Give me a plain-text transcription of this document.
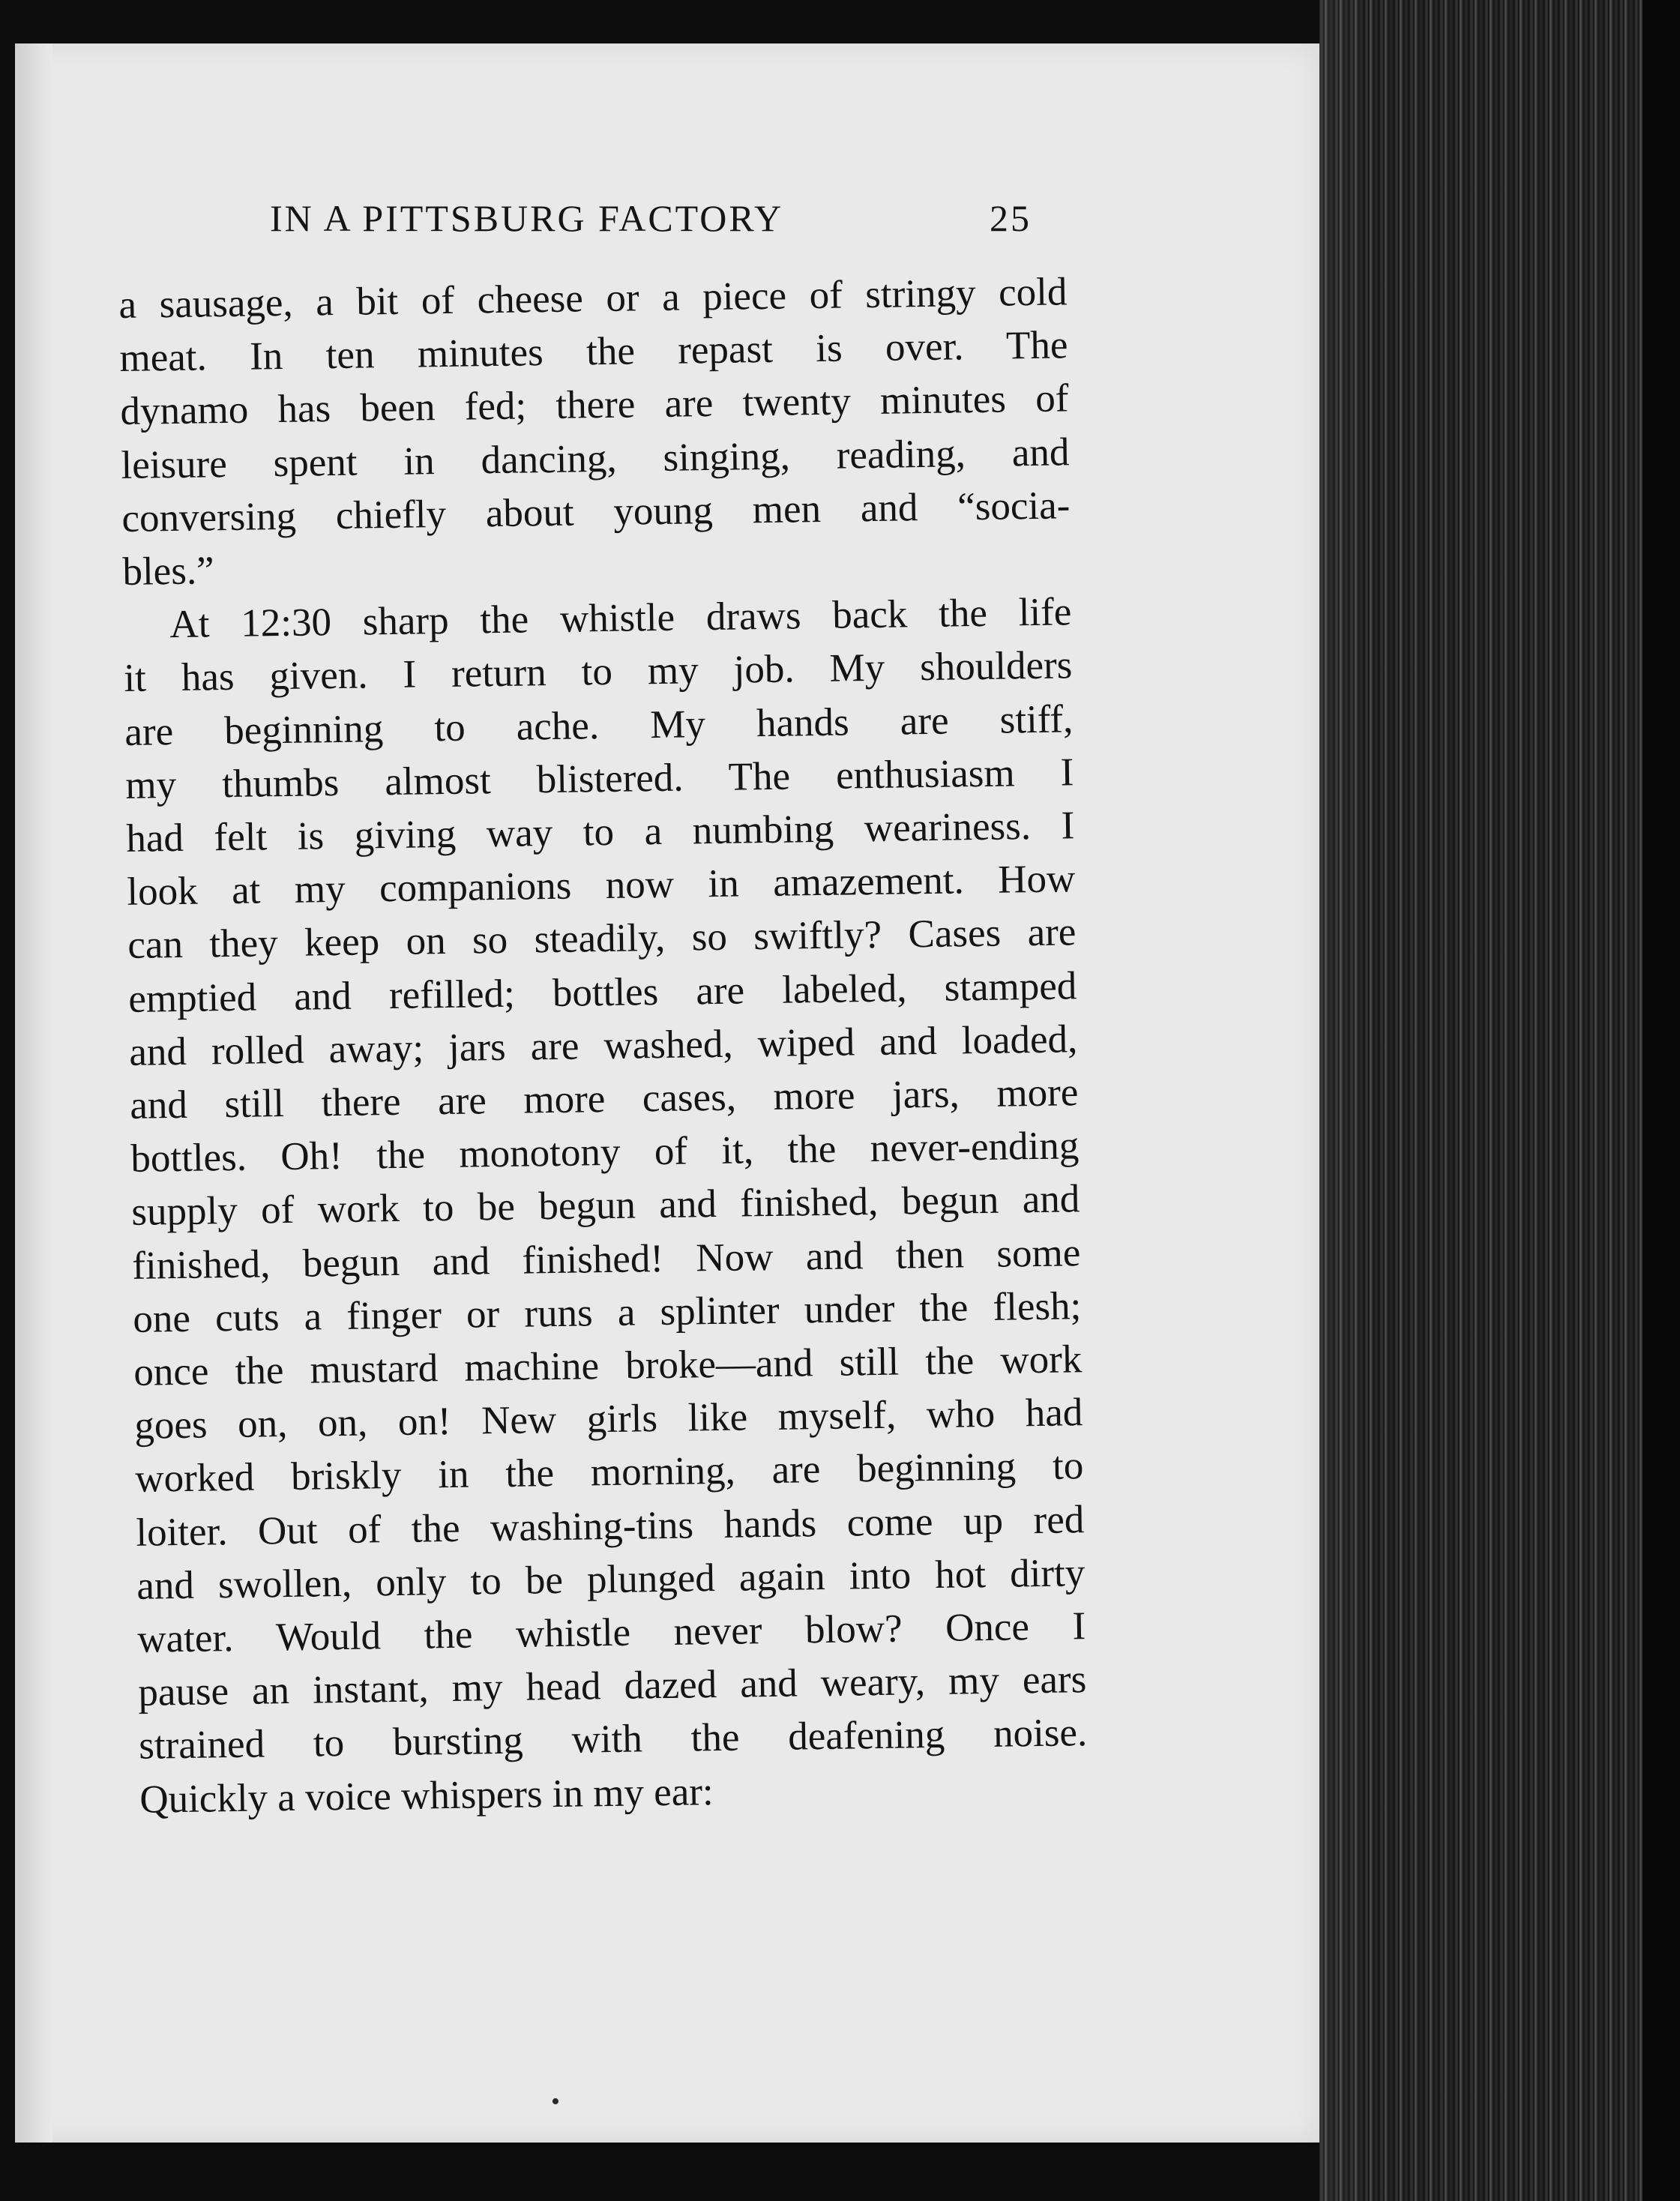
IN A PITTSBURG FACTORY	25
a sausage, a bit of cheese or a piece of stringy cold
meat. In ten minutes the repast is over. The
dynamo has been fed; there are twenty minutes of
leisure spent in dancing, singing, reading, and
conversing chiefly about young men and “socia-
bles.”
At 12:30 sharp the whistle draws back the life
it has given. I return to my job. My shoulders
are beginning to ache. My hands are stiff,
my thumbs almost blistered. The enthusiasm I
had felt is giving way to a numbing weariness. I
look at my companions now in amazement. How
can they keep on so steadily, so swiftly? Cases are
emptied and refilled; bottles are labeled, stamped
and rolled away; jars are washed, wiped and loaded,
and still there are more cases, more jars, more
bottles. Oh! the monotony of it, the never-ending
supply of work to be begun and finished, begun and
finished, begun and finished! Now and then some
one cuts a finger or runs a splinter under the flesh;
once the mustard machine broke—and still the work
goes on, on, on! New girls like myself, who had
worked briskly in the morning, are beginning to
loiter. Out of the washing-tins hands come up red
and swollen, only to be plunged again into hot dirty
water. Would the whistle never blow? Once I
pause an instant, my head dazed and weary, my ears
strained to bursting with the deafening noise.
Quickly a voice whispers in my ear:
•
